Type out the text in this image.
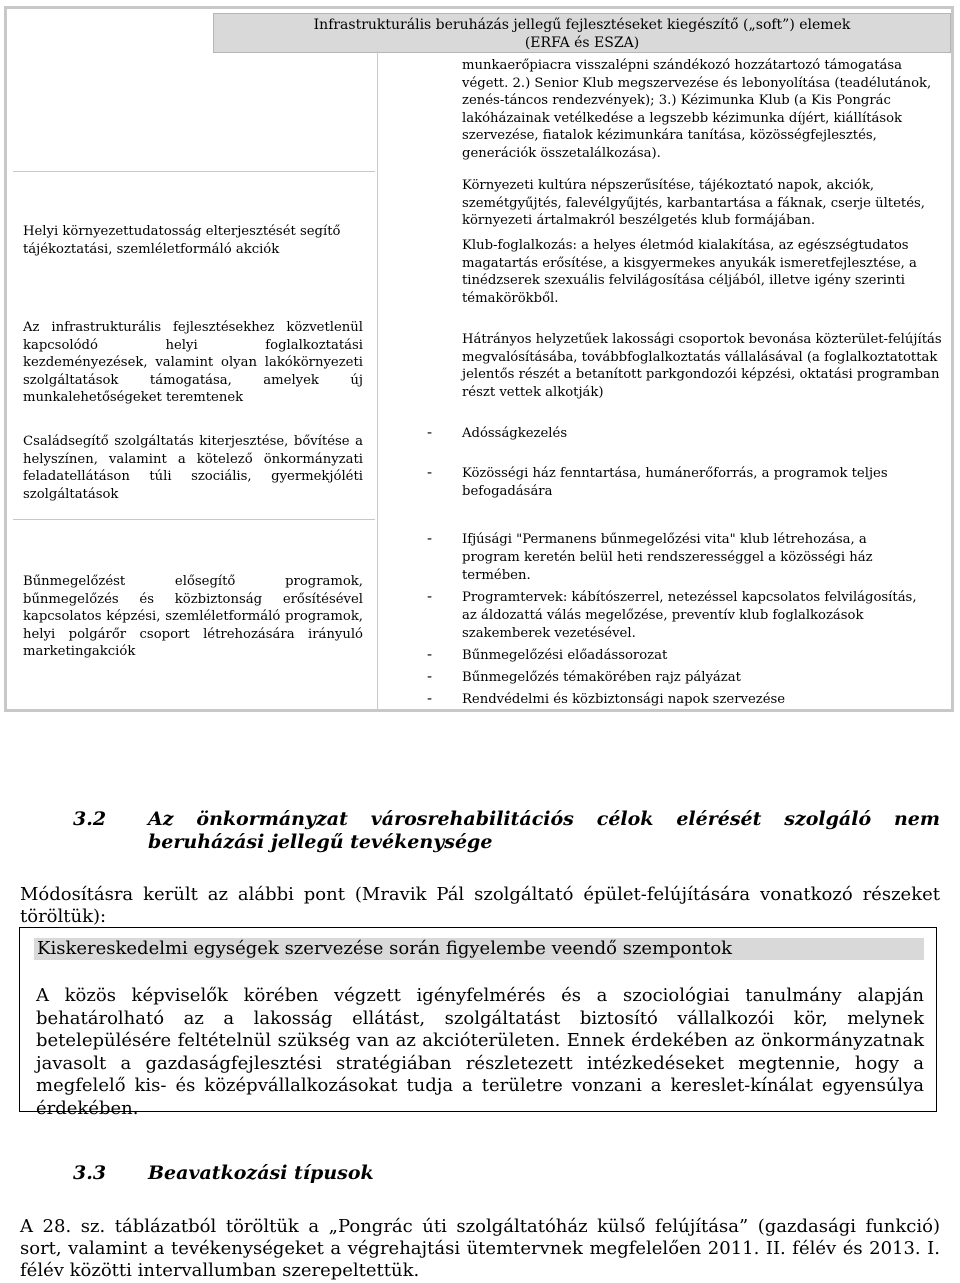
Infrastrukturális beruházás jellegű fejlesztéseket kiegészítő („soft”) elemek
(ERFA és ESZA)
Helyi környezettudatosság elterjesztését segítő tájékoztatási, szemléletformáló akciók
Az infrastrukturális fejlesztésekhez közvetlenül kapcsolódó helyi foglalkoztatási kezdeményezések, valamint olyan lakókörnyezeti szolgáltatások támogatása, amelyek új munkalehetőségeket teremtenek
Családsegítő szolgáltatás kiterjesztése, bővítése a helyszínen, valamint a kötelező önkormányzati feladatellátáson túli szociális, gyermekjóléti szolgáltatások
Bűnmegelőzést elősegítő programok, bűnmegelőzés és közbiztonság erősítésével kapcsolatos képzési, szemléletformáló programok, helyi polgárőr csoport létrehozására irányuló marketingakciók
munkaerőpiacra visszalépni szándékozó hozzátartozó támogatása végett. 2.) Senior Klub megszervezése és lebonyolítása (teadélutánok, zenés-táncos rendezvények); 3.) Kézimunka Klub (a Kis Pongrác lakóházainak vetélkedése a legszebb kézimunka díjért, kiállítások szervezése, fiatalok kézimunkára tanítása, közösségfejlesztés, generációk összetalálkozása).
Környezeti kultúra népszerűsítése, tájékoztató napok, akciók, szemétgyűjtés, falevélgyűjtés, karbantartása a fáknak, cserje ültetés, környezeti ártalmakról beszélgetés klub formájában.
Klub-foglalkozás: a helyes életmód kialakítása, az egészségtudatos magatartás erősítése, a kisgyermekes anyukák ismeretfejlesztése, a tinédzserek szexuális felvilágosítása céljából, illetve igény szerinti témakörökből.
Hátrányos helyzetűek lakossági csoportok bevonása közterület-felújítás megvalósításába, továbbfoglalkoztatás vállalásával (a foglalkoztatottak jelentős részét a betanított parkgondozói képzési, oktatási programban részt vettek alkotják)
- Adósságkezelés
- Közösségi ház fenntartása, humánerőforrás, a programok teljes befogadására
- Ifjúsági "Permanens bűnmegelőzési vita" klub létrehozása, a program keretén belül heti rendszerességgel a közösségi ház termében.
- Programtervek: kábítószerrel, netezéssel kapcsolatos felvilágosítás, az áldozattá válás megelőzése, preventív klub foglalkozások szakemberek vezetésével.
- Bűnmegelőzési előadássorozat
- Bűnmegelőzés témakörében rajz pályázat
- Rendvédelmi és közbiztonsági napok szervezése
3.2 Az önkormányzat városrehabilitációs célok elérését szolgáló nem beruházási jellegű tevékenysége
Módosításra került az alábbi pont (Mravik Pál szolgáltató épület-felújítására vonatkozó részeket töröltük):
Kiskereskedelmi egységek szervezése során figyelembe veendő szempontok
A közös képviselők körében végzett igényfelmérés és a szociológiai tanulmány alapján behatárolható az a lakosság ellátást, szolgáltatást biztosító vállalkozói kör, melynek betelepülésére feltételnül szükség van az akcióterületen. Ennek érdekében az önkormányzatnak javasolt a gazdaságfejlesztési stratégiában részletezett intézkedéseket megtennie, hogy a megfelelő kis- és középvállalkozásokat tudja a területre vonzani a kereslet-kínálat egyensúlya érdekében.
3.3 Beavatkozási típusok
A 28. sz. táblázatból töröltük a „Pongrác úti szolgáltatóház külső felújítása” (gazdasági funkció) sort, valamint a tevékenységeket a végrehajtási ütemtervnek megfelelően 2011. II. félév és 2013. I. félév közötti intervallumban szerepeltettük.
